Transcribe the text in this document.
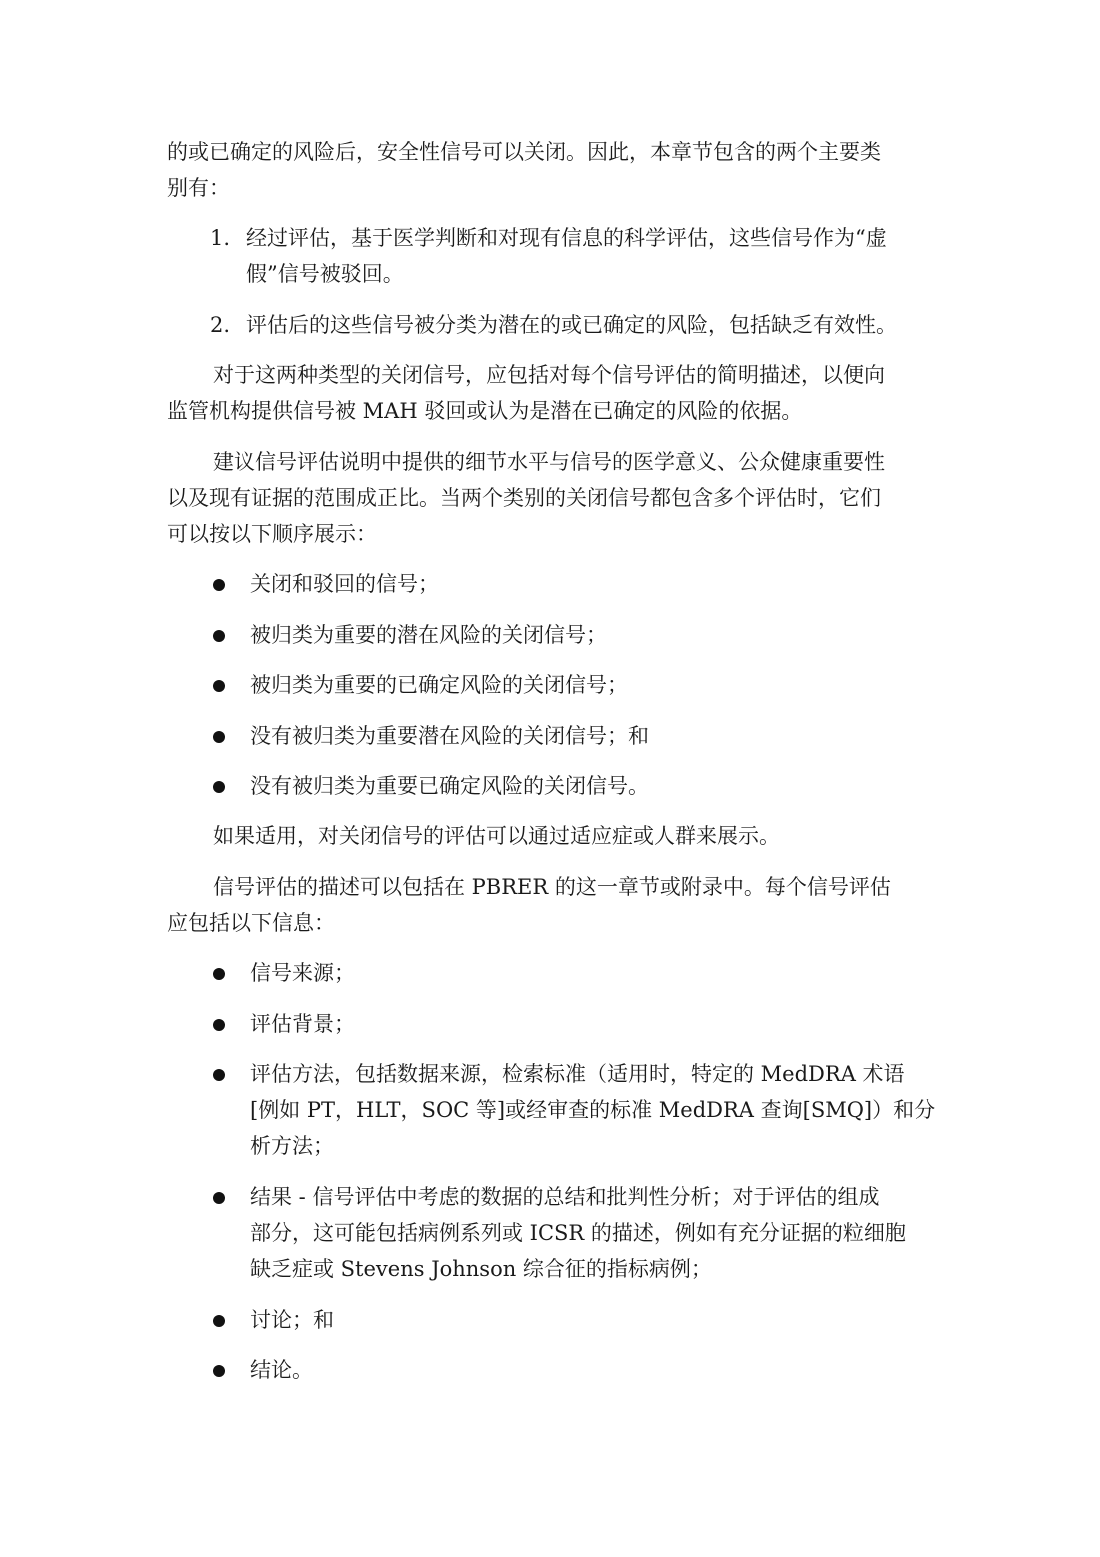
的或已确定的风险后，安全性信号可以关闭。因此，本章节包含的两个主要类
别有：

1. 经过评估，基于医学判断和对现有信息的科学评估，这些信号作为“虚
假”信号被驳回。
2. 评估后的这些信号被分类为潜在的或已确定的风险，包括缺乏有效性。

对于这两种类型的关闭信号，应包括对每个信号评估的简明描述，以便向
监管机构提供信号被 MAH 驳回或认为是潜在已确定的风险的依据。

建议信号评估说明中提供的细节水平与信号的医学意义、公众健康重要性
以及现有证据的范围成正比。当两个类别的关闭信号都包含多个评估时，它们
可以按以下顺序展示：

关闭和驳回的信号；
被归类为重要的潜在风险的关闭信号；
被归类为重要的已确定风险的关闭信号；
没有被归类为重要潜在风险的关闭信号；和
没有被归类为重要已确定风险的关闭信号。

如果适用，对关闭信号的评估可以通过适应症或人群来展示。

信号评估的描述可以包括在 PBRER 的这一章节或附录中。每个信号评估
应包括以下信息：

信号来源；
评估背景；
评估方法，包括数据来源，检索标准（适用时，特定的 MedDRA 术语
[例如 PT，HLT，SOC 等]或经审查的标准 MedDRA 查询[SMQ]）和分
析方法；
结果 - 信号评估中考虑的数据的总结和批判性分析；对于评估的组成
部分，这可能包括病例系列或 ICSR 的描述，例如有充分证据的粒细胞
缺乏症或 Stevens Johnson 综合征的指标病例；
讨论；和
结论。
